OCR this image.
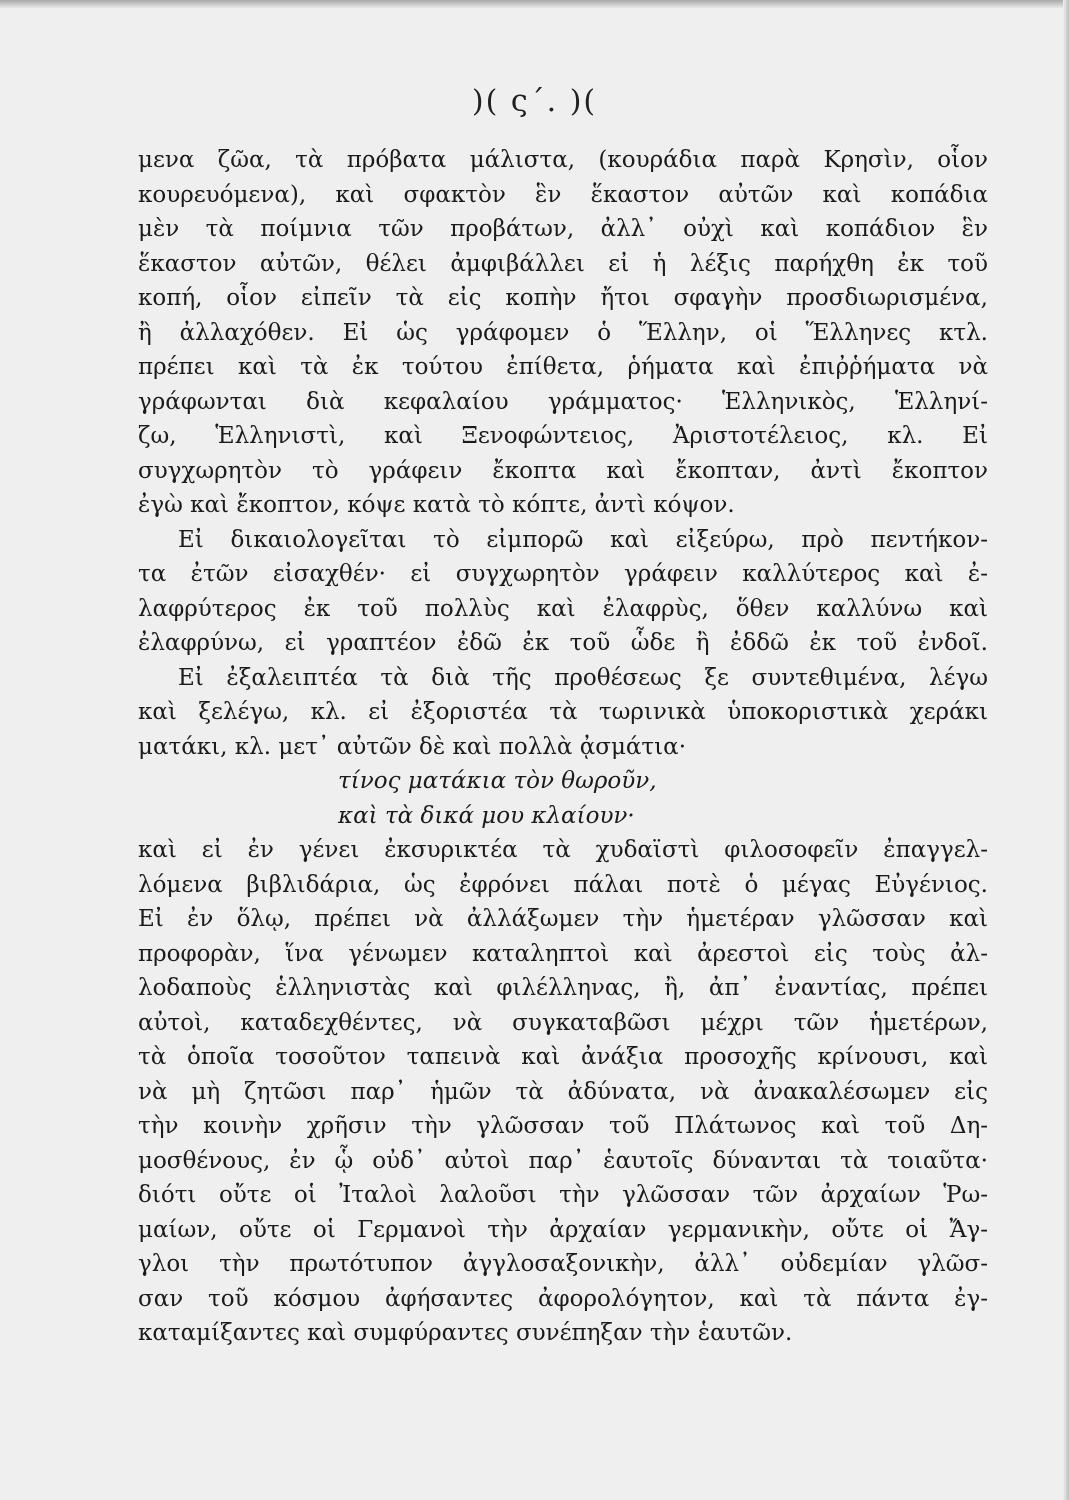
)( ς΄. )(
μενα ζῶα, τὰ πρόβατα μάλιστα, (κουράδια παρὰ Κρησὶν, οἷον
κουρευόμενα), καὶ σφακτὸν ἓν ἕκαστον αὐτῶν καὶ κοπάδια
μὲν τὰ ποίμνια τῶν προβάτων, ἀλλ᾽ οὐχὶ καὶ κοπάδιον ἓν
ἕκαστον αὐτῶν, θέλει ἀμφιβάλλει εἰ ἡ λέξις παρήχθη ἐκ τοῦ
κοπή, οἷον εἰπεῖν τὰ εἰς κοπὴν ἤτοι σφαγὴν προσδιωρισμένα,
ἢ ἀλλαχόθεν. Εἰ ὡς γράφομεν ὁ Ἕλλην, οἱ Ἕλληνες κτλ.
πρέπει καὶ τὰ ἐκ τούτου ἐπίθετα, ῥήματα καὶ ἐπιῤῥήματα νὰ
γράφωνται διὰ κεφαλαίου γράμματος· Ἑλληνικὸς, Ἑλληνί-
ζω, Ἑλληνιστὶ, καὶ Ξενοφώντειος, Ἀριστοτέλειος, κλ. Εἰ
συγχωρητὸν τὸ γράφειν ἔκοπτα καὶ ἔκοπταν, ἀντὶ ἔκοπτον
ἐγὼ καὶ ἔκοπτον, κόψε κατὰ τὸ κόπτε, ἀντὶ κόψον.
Εἰ δικαιολογεῖται τὸ εἰμπορῶ καὶ εἰξεύρω, πρὸ πεντήκον-
τα ἐτῶν εἰσαχθέν· εἰ συγχωρητὸν γράφειν καλλύτερος καὶ ἐ-
λαφρύτερος ἐκ τοῦ πολλὺς καὶ ἐλαφρὺς, ὅθεν καλλύνω καὶ
ἐλαφρύνω, εἰ γραπτέον ἐδῶ ἐκ τοῦ ὧδε ἢ ἐδδῶ ἐκ τοῦ ἐνδοῖ.
Εἰ ἐξαλειπτέα τὰ διὰ τῆς προθέσεως ξε συντεθιμένα, λέγω
καὶ ξελέγω, κλ. εἰ ἐξοριστέα τὰ τωρινικὰ ὑποκοριστικὰ χεράκι
ματάκι, κλ. μετ᾽ αὐτῶν δὲ καὶ πολλὰ ᾀσμάτια·
τίνος ματάκια τὸν θωροῦν,
καὶ τὰ δικά μου κλαίουν·
καὶ εἰ ἐν γένει ἐκσυρικτέα τὰ χυδαϊστὶ φιλοσοφεῖν ἐπαγγελ-
λόμενα βιβλιδάρια, ὡς ἐφρόνει πάλαι ποτὲ ὁ μέγας Εὐγένιος.
Εἰ ἐν ὅλῳ, πρέπει νὰ ἀλλάξωμεν τὴν ἡμετέραν γλῶσσαν καὶ
προφορὰν, ἵνα γένωμεν καταληπτοὶ καὶ ἀρεστοὶ εἰς τοὺς ἀλ-
λοδαποὺς ἑλληνιστὰς καὶ φιλέλληνας, ἢ, ἀπ᾽ ἐναντίας, πρέπει
αὐτοὶ, καταδεχθέντες, νὰ συγκαταβῶσι μέχρι τῶν ἡμετέρων,
τὰ ὁποῖα τοσοῦτον ταπεινὰ καὶ ἀνάξια προσοχῆς κρίνουσι, καὶ
νὰ μὴ ζητῶσι παρ᾽ ἡμῶν τὰ ἀδύνατα, νὰ ἀνακαλέσωμεν εἰς
τὴν κοινὴν χρῆσιν τὴν γλῶσσαν τοῦ Πλάτωνος καὶ τοῦ Δη-
μοσθένους, ἐν ᾧ οὐδ᾽ αὐτοὶ παρ᾽ ἑαυτοῖς δύνανται τὰ τοιαῦτα·
διότι οὔτε οἱ Ἰταλοὶ λαλοῦσι τὴν γλῶσσαν τῶν ἀρχαίων Ῥω-
μαίων, οὔτε οἱ Γερμανοὶ τὴν ἀρχαίαν γερμανικὴν, οὔτε οἱ Ἄγ-
γλοι τὴν πρωτότυπον ἀγγλοσαξονικὴν, ἀλλ᾽ οὐδεμίαν γλῶσ-
σαν τοῦ κόσμου ἀφήσαντες ἀφορολόγητον, καὶ τὰ πάντα ἐγ-
καταμίξαντες καὶ συμφύραντες συνέπηξαν τὴν ἑαυτῶν.
